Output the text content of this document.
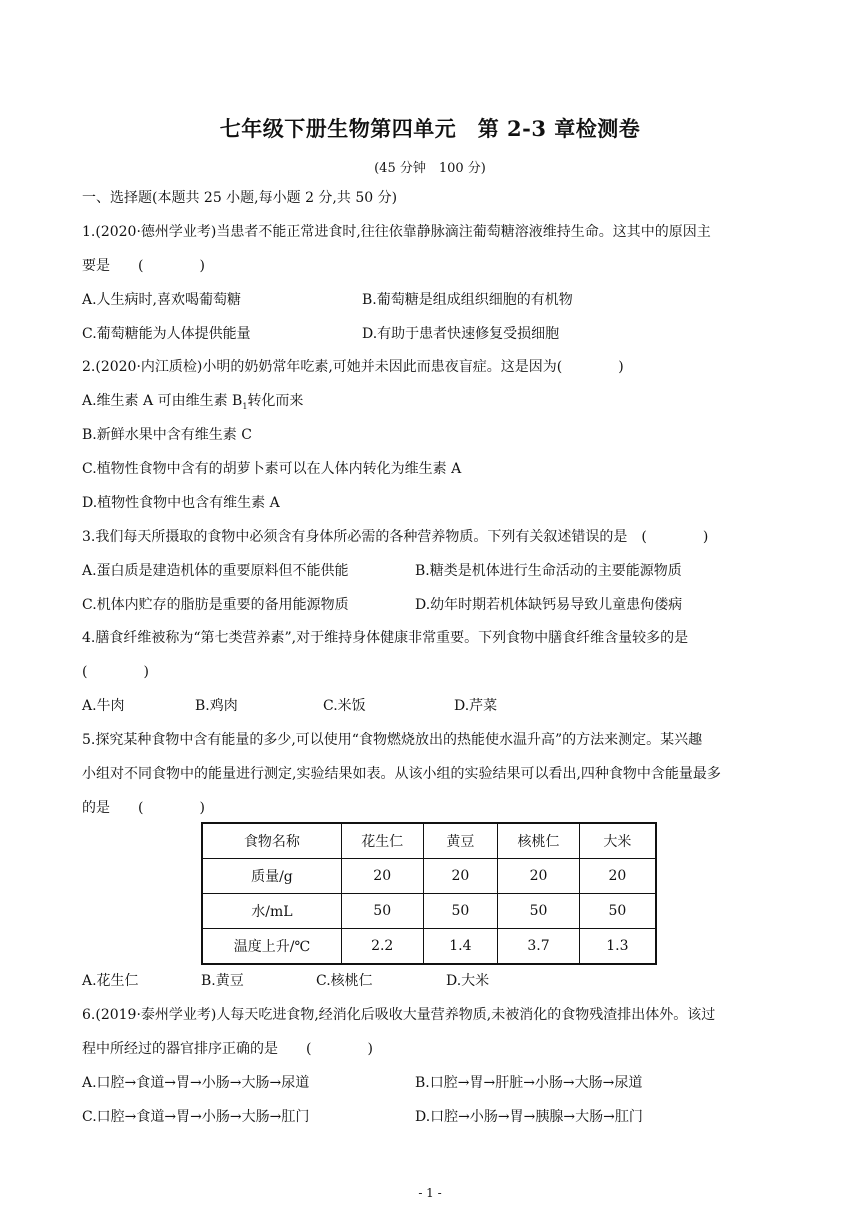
七年级下册生物第四单元　第 2-3 章检测卷
(45 分钟　100 分)
一、选择题(本题共 25 小题,每小题 2 分,共 50 分)
1.(2020·德州学业考)当患者不能正常进食时,往往依靠静脉滴注葡萄糖溶液维持生命。这其中的原因主
要是　　(　　　　)
A.人生病时,喜欢喝葡萄糖	B.葡萄糖是组成组织细胞的有机物
C.葡萄糖能为人体提供能量	D.有助于患者快速修复受损细胞
2.(2020·内江质检)小明的奶奶常年吃素,可她并未因此而患夜盲症。这是因为(　　　　)
A.维生素 A 可由维生素 $B_1$转化而来
B.新鲜水果中含有维生素 C
C.植物性食物中含有的胡萝卜素可以在人体内转化为维生素 A
D.植物性食物中也含有维生素 A
3.我们每天所摄取的食物中必须含有身体所必需的各种营养物质。下列有关叙述错误的是　(　　　　)
A.蛋白质是建造机体的重要原料但不能供能	B.糖类是机体进行生命活动的主要能源物质
C.机体内贮存的脂肪是重要的备用能源物质	D.幼年时期若机体缺钙易导致儿童患佝偻病
4.膳食纤维被称为“第七类营养素”,对于维持身体健康非常重要。下列食物中膳食纤维含量较多的是
(　　　　)
A.牛肉	B.鸡肉	C.米饭	D.芹菜
5.探究某种食物中含有能量的多少,可以使用“食物燃烧放出的热能使水温升高”的方法来测定。某兴趣
小组对不同食物中的能量进行测定,实验结果如表。从该小组的实验结果可以看出,四种食物中含能量最多
的是　　(　　　　)
食物名称	花生仁	黄豆	核桃仁	大米
质量/g	20	20	20	20
水/mL	50	50	50	50
温度上升/℃	2.2	1.4	3.7	1.3
A.花生仁	B.黄豆	C.核桃仁	D.大米
6.(2019·泰州学业考)人每天吃进食物,经消化后吸收大量营养物质,未被消化的食物残渣排出体外。该过
程中所经过的器官排序正确的是　　(　　　　)
A.口腔→食道→胃→小肠→大肠→尿道	B.口腔→胃→肝脏→小肠→大肠→尿道
C.口腔→食道→胃→小肠→大肠→肛门	D.口腔→小肠→胃→胰腺→大肠→肛门
- 1 -
